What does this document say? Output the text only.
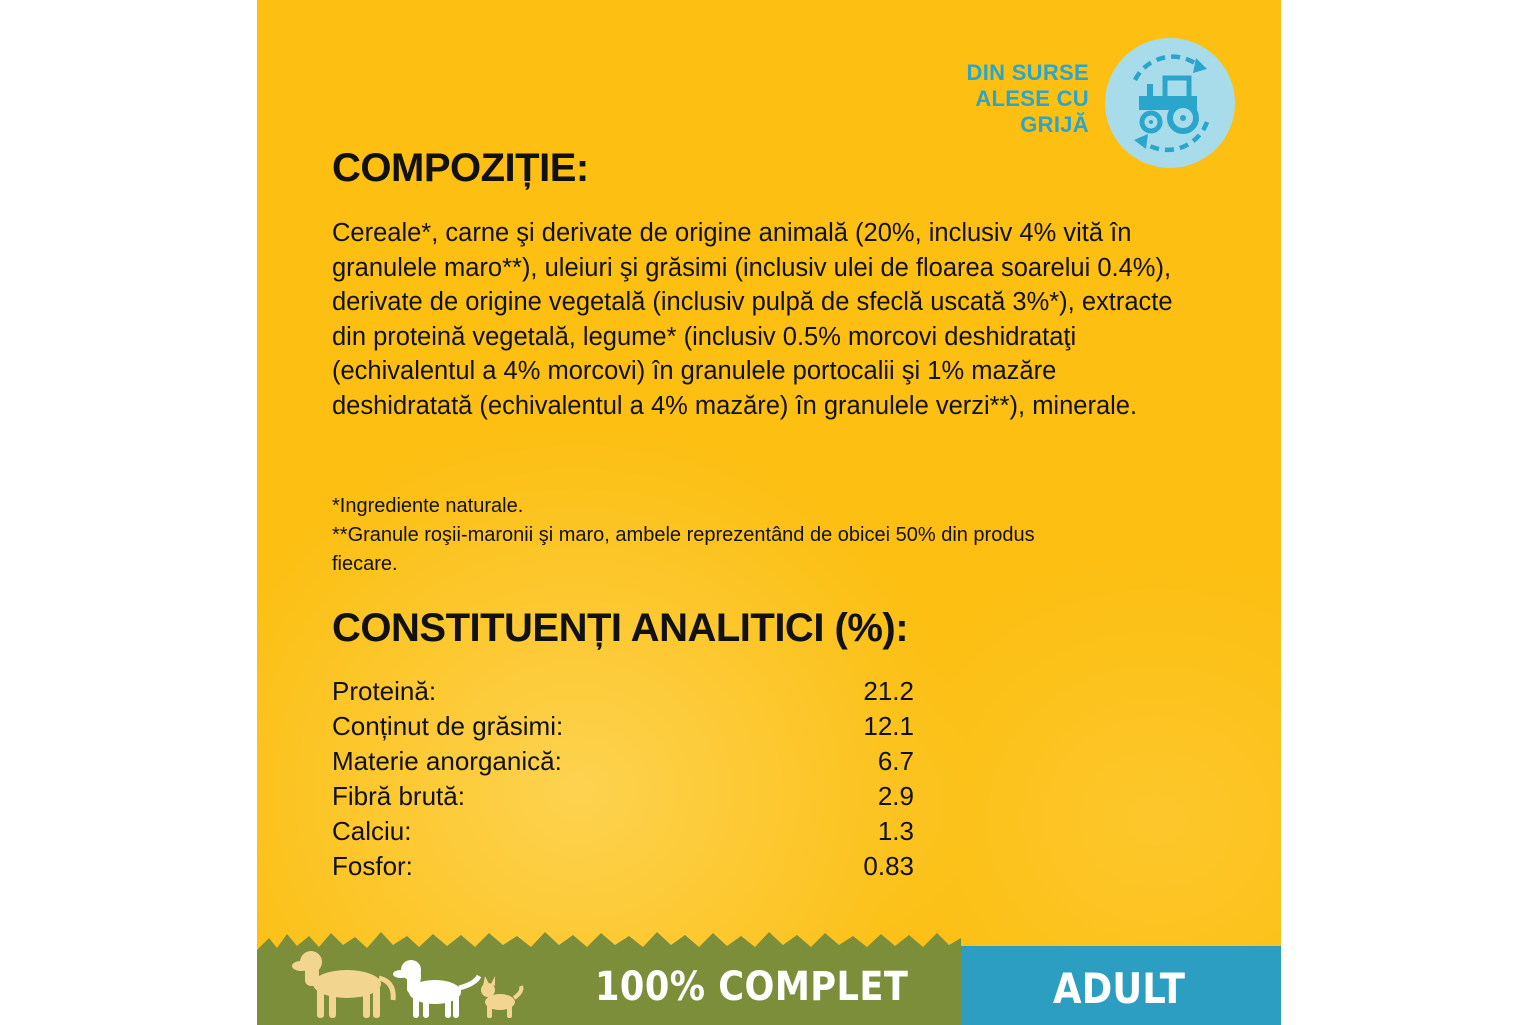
DIN SURSE
ALESE CU
GRIJĂ
COMPOZIȚIE:

Cereale*, carne şi derivate de origine animală (20%, inclusiv 4% vită în granulele maro**), uleiuri şi grăsimi (inclusiv ulei de floarea soarelui 0.4%), derivate de origine vegetală (inclusiv pulpă de sfeclă uscată 3%*), extracte din proteină vegetală, legume* (inclusiv 0.5% morcovi deshidrataţi (echivalentul a 4% morcovi) în granulele portocalii şi 1% mazăre deshidratată (echivalentul a 4% mazăre) în granulele verzi**), minerale.

*Ingrediente naturale.
**Granule roşii-maronii şi maro, ambele reprezentând de obicei 50% din produs fiecare.

CONSTITUENȚI ANALITICI (%):
Proteină:	21.2
Conținut de grăsimi:	12.1
Materie anorganică:	6.7
Fibră brută:	2.9
Calciu:	1.3
Fosfor:	0.83
100% COMPLET	ADULT
